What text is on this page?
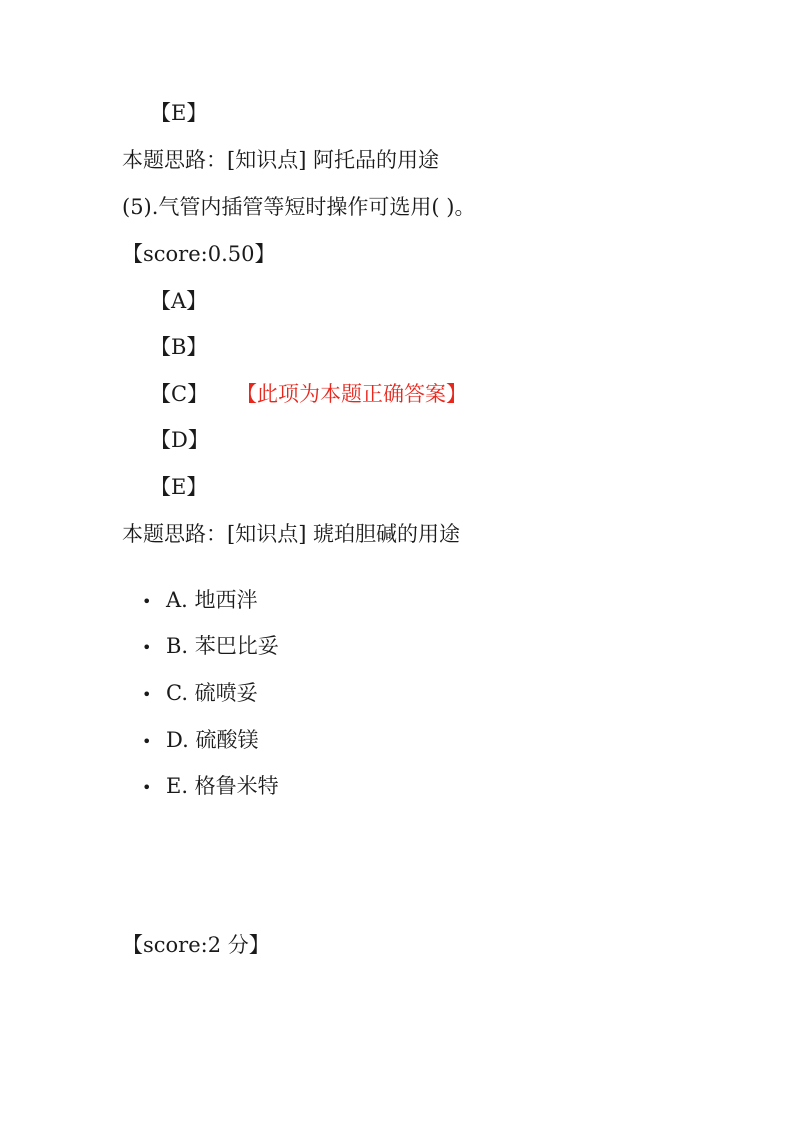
【E】
本题思路：[知识点] 阿托品的用途
(5).气管内插管等短时操作可选用( )。
【score:0.50】
【A】
【B】
【C】 【此项为本题正确答案】
【D】
【E】
本题思路：[知识点] 琥珀胆碱的用途
• A. 地西泮
• B. 苯巴比妥
• C. 硫喷妥
• D. 硫酸镁
• E. 格鲁米特
【score:2 分】
